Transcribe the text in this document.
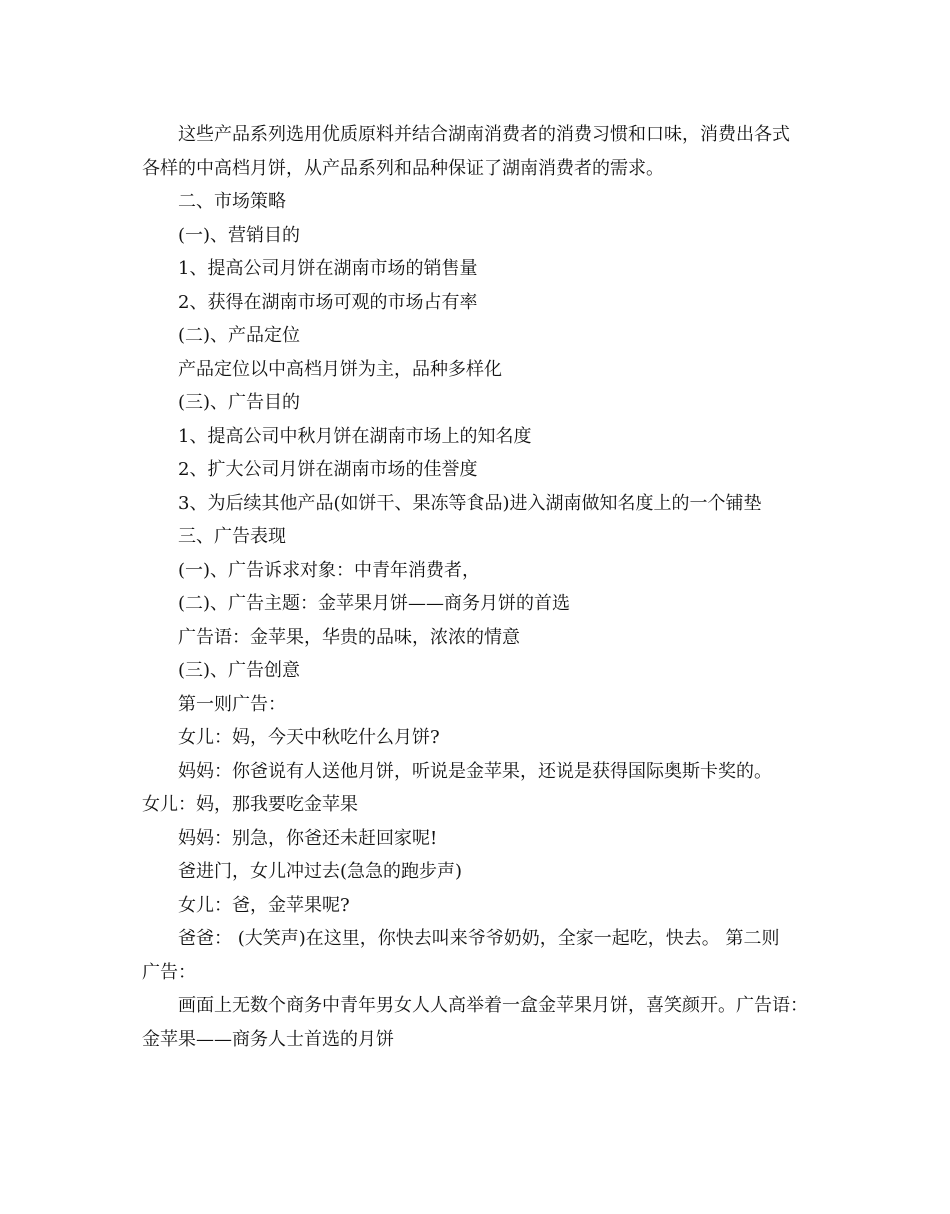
这些产品系列选用优质原料并结合湖南消费者的消费习惯和口味，消费出各式
各样的中高档月饼，从产品系列和品种保证了湖南消费者的需求。
二、市场策略
(一)、营销目的
1、提高公司月饼在湖南市场的销售量
2、获得在湖南市场可观的市场占有率
(二)、产品定位
产品定位以中高档月饼为主，品种多样化
(三)、广告目的
1、提高公司中秋月饼在湖南市场上的知名度
2、扩大公司月饼在湖南市场的佳誉度
3、为后续其他产品(如饼干、果冻等食品)进入湖南做知名度上的一个铺垫
三、广告表现
(一)、广告诉求对象：中青年消费者，
(二)、广告主题：金苹果月饼——商务月饼的首选
广告语：金苹果，华贵的品味，浓浓的情意
(三)、广告创意
第一则广告：
女儿：妈，今天中秋吃什么月饼?
妈妈：你爸说有人送他月饼，听说是金苹果，还说是获得国际奥斯卡奖的。
女儿：妈，那我要吃金苹果
妈妈：别急，你爸还未赶回家呢!
爸进门，女儿冲过去(急急的跑步声)
女儿：爸，金苹果呢?
爸爸： (大笑声)在这里，你快去叫来爷爷奶奶，全家一起吃，快去。 第二则
广告：
画面上无数个商务中青年男女人人高举着一盒金苹果月饼，喜笑颜开。广告语：
金苹果——商务人士首选的月饼
